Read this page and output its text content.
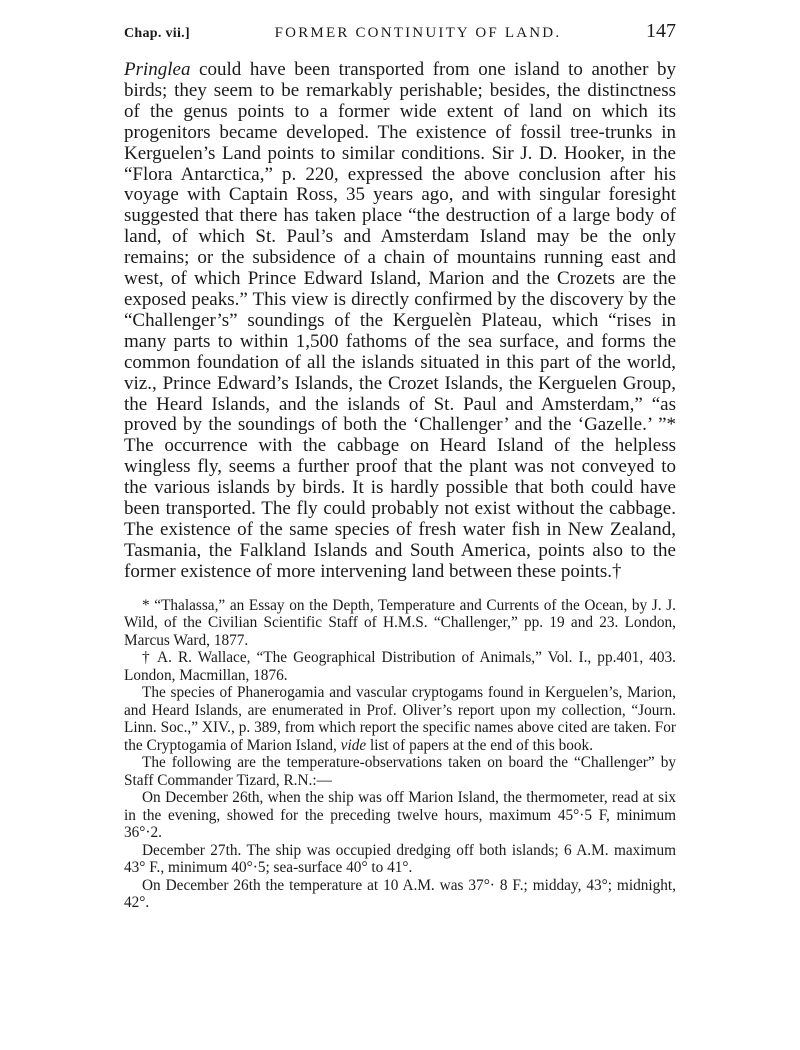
Chap. vii.]	FORMER CONTINUITY OF LAND.	147

Pringlea could have been transported from one island to another by birds; they seem to be remarkably perishable; besides, the distinctness of the genus points to a former wide extent of land on which its progenitors became developed. The existence of fossil tree-trunks in Kerguelen’s Land points to similar conditions. Sir J. D. Hooker, in the “Flora Antarctica,” p. 220, expressed the above conclusion after his voyage with Captain Ross, 35 years ago, and with singular foresight suggested that there has taken place “the destruction of a large body of land, of which St. Paul’s and Amsterdam Island may be the only remains; or the subsidence of a chain of mountains running east and west, of which Prince Edward Island, Marion and the Crozets are the exposed peaks.” This view is directly confirmed by the discovery by the “Challenger’s” soundings of the Kerguelèn Plateau, which “rises in many parts to within 1,500 fathoms of the sea surface, and forms the common foundation of all the islands situated in this part of the world, viz., Prince Edward’s Islands, the Crozet Islands, the Kerguelen Group, the Heard Islands, and the islands of St. Paul and Amsterdam,” “as proved by the soundings of both the ‘Challenger’ and the ‘Gazelle.’ ”* The occurrence with the cabbage on Heard Island of the helpless wingless fly, seems a further proof that the plant was not conveyed to the various islands by birds. It is hardly possible that both could have been transported. The fly could probably not exist without the cabbage. The existence of the same species of fresh water fish in New Zealand, Tasmania, the Falkland Islands and South America, points also to the former existence of more intervening land between these points.†

* “Thalassa,” an Essay on the Depth, Temperature and Currents of the Ocean, by J. J. Wild, of the Civilian Scientific Staff of H.M.S. “Challenger,” pp. 19 and 23. London, Marcus Ward, 1877.

† A. R. Wallace, “The Geographical Distribution of Animals,” Vol. I., pp.401, 403. London, Macmillan, 1876.

The species of Phanerogamia and vascular cryptogams found in Kerguelen’s, Marion, and Heard Islands, are enumerated in Prof. Oliver’s report upon my collection, “Journ. Linn. Soc.,” XIV., p. 389, from which report the specific names above cited are taken. For the Cryptogamia of Marion Island, vide list of papers at the end of this book.

The following are the temperature-observations taken on board the “Challenger” by Staff Commander Tizard, R.N.:—

On December 26th, when the ship was off Marion Island, the thermometer, read at six in the evening, showed for the preceding twelve hours, maximum 45°·5 F, minimum 36°·2.

December 27th. The ship was occupied dredging off both islands; 6 A.M. maximum 43° F., minimum 40°·5; sea-surface 40° to 41°.

On December 26th the temperature at 10 A.M. was 37°· 8 F.; midday, 43°; midnight, 42°.
